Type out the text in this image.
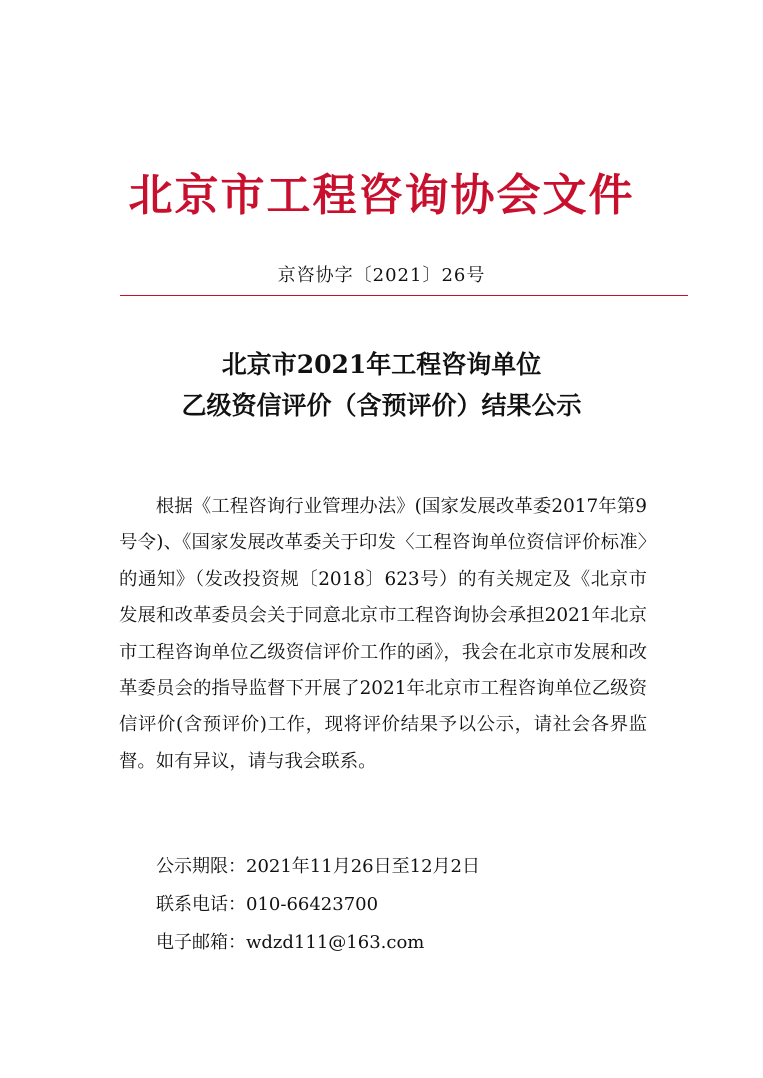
北京市工程咨询协会文件
京咨协字〔2021〕26号
北京市2021年工程咨询单位
乙级资信评价（含预评价）结果公示
根据《工程咨询行业管理办法》(国家发展改革委2017年第9号令)、《国家发展改革委关于印发〈工程咨询单位资信评价标准〉的通知》（发改投资规〔2018〕623号）的有关规定及《北京市发展和改革委员会关于同意北京市工程咨询协会承担2021年北京市工程咨询单位乙级资信评价工作的函》，我会在北京市发展和改革委员会的指导监督下开展了2021年北京市工程咨询单位乙级资信评价(含预评价)工作，现将评价结果予以公示，请社会各界监督。如有异议，请与我会联系。
公示期限：2021年11月26日至12月2日
联系电话：010-66423700
电子邮箱：wdzd111@163.com
